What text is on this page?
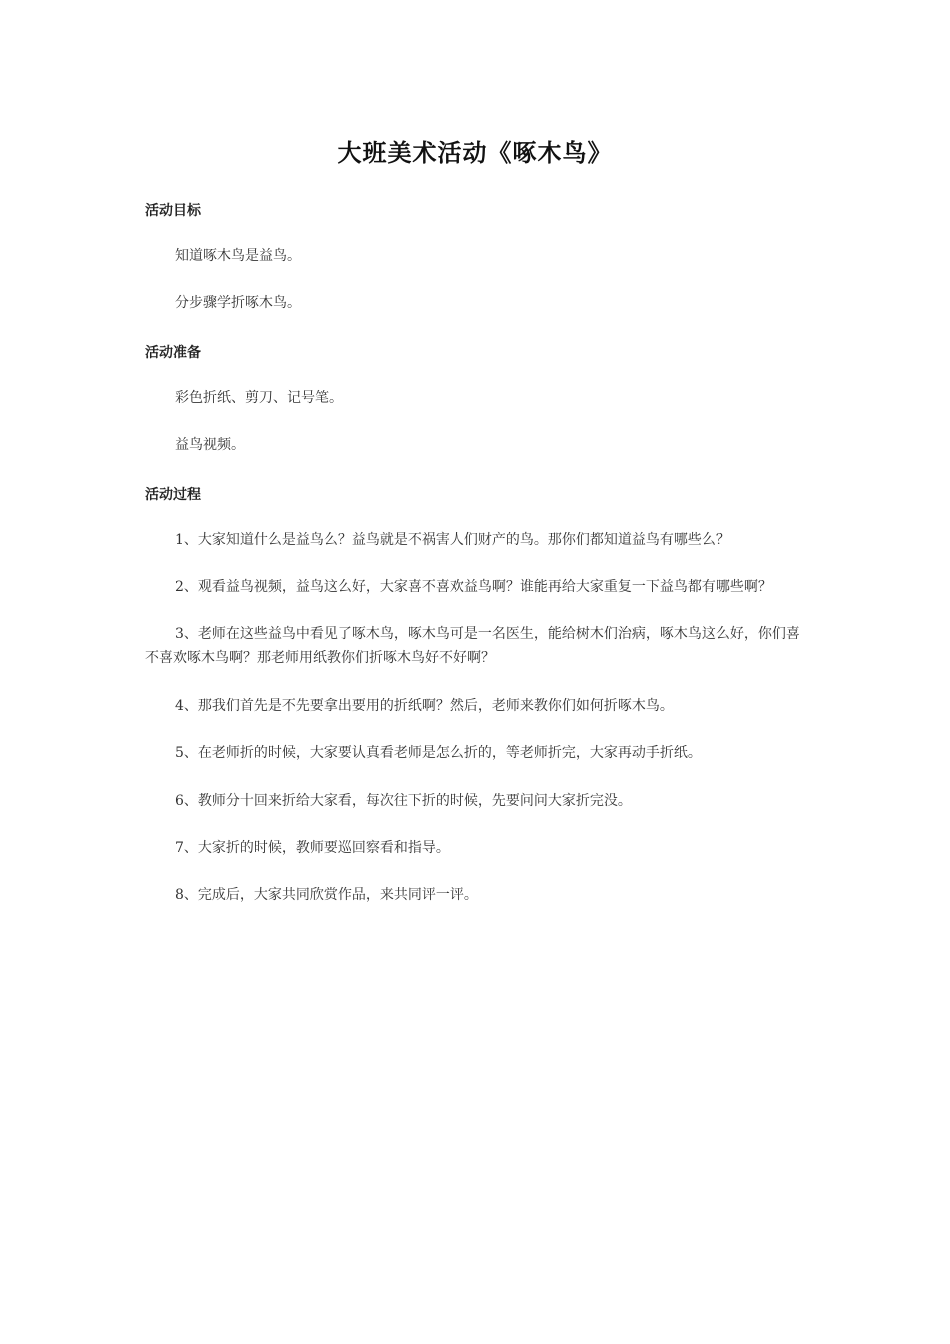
大班美术活动《啄木鸟》
活动目标
知道啄木鸟是益鸟。
分步骤学折啄木鸟。
活动准备
彩色折纸、剪刀、记号笔。
益鸟视频。
活动过程
1、大家知道什么是益鸟么？益鸟就是不祸害人们财产的鸟。那你们都知道益鸟有哪些么？
2、观看益鸟视频，益鸟这么好，大家喜不喜欢益鸟啊？谁能再给大家重复一下益鸟都有哪些啊？
3、老师在这些益鸟中看见了啄木鸟，啄木鸟可是一名医生，能给树木们治病，啄木鸟这么好，你们喜不喜欢啄木鸟啊？那老师用纸教你们折啄木鸟好不好啊？
4、那我们首先是不先要拿出要用的折纸啊？然后，老师来教你们如何折啄木鸟。
5、在老师折的时候，大家要认真看老师是怎么折的，等老师折完，大家再动手折纸。
6、教师分十回来折给大家看，每次往下折的时候，先要问问大家折完没。
7、大家折的时候，教师要巡回察看和指导。
8、完成后，大家共同欣赏作品，来共同评一评。
